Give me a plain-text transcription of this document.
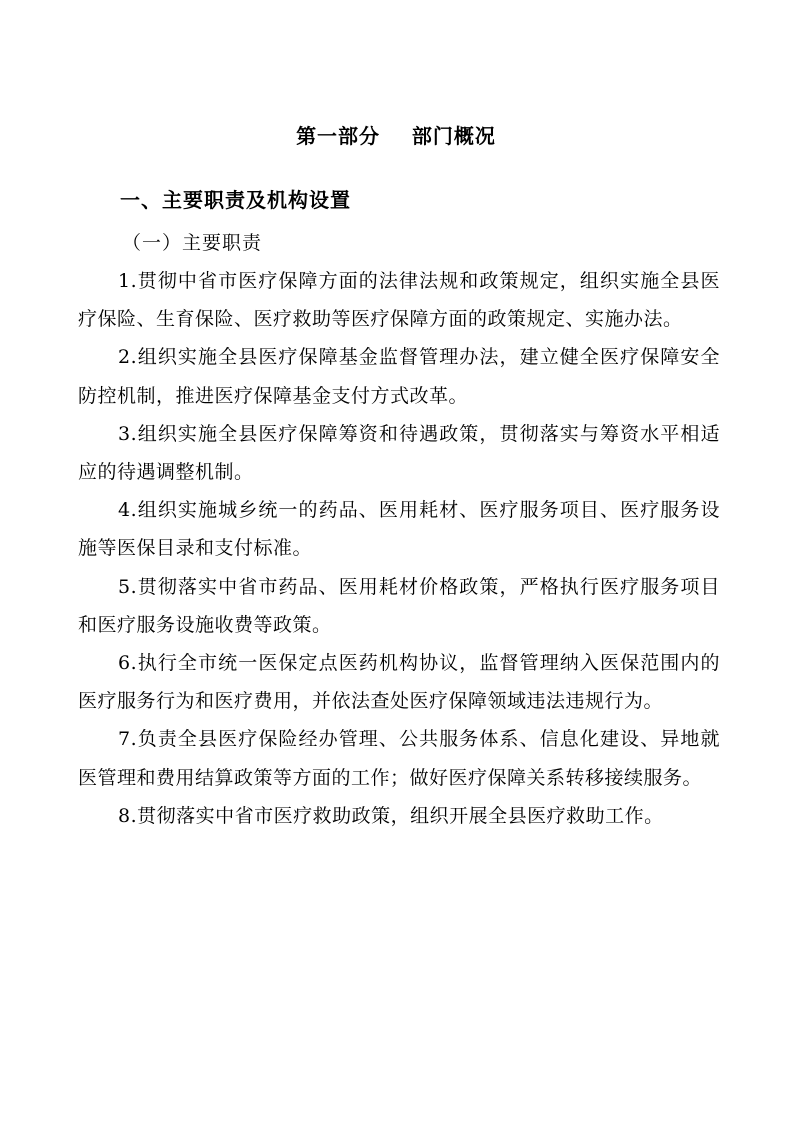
第一部分    部门概况
一、主要职责及机构设置
（一）主要职责

1.贯彻中省市医疗保障方面的法律法规和政策规定，组织实施全县医疗保险、生育保险、医疗救助等医疗保障方面的政策规定、实施办法。

2.组织实施全县医疗保障基金监督管理办法，建立健全医疗保障安全防控机制，推进医疗保障基金支付方式改革。

3.组织实施全县医疗保障筹资和待遇政策，贯彻落实与筹资水平相适应的待遇调整机制。

4.组织实施城乡统一的药品、医用耗材、医疗服务项目、医疗服务设施等医保目录和支付标准。

5.贯彻落实中省市药品、医用耗材价格政策，严格执行医疗服务项目和医疗服务设施收费等政策。

6.执行全市统一医保定点医药机构协议，监督管理纳入医保范围内的医疗服务行为和医疗费用，并依法查处医疗保障领域违法违规行为。

7.负责全县医疗保险经办管理、公共服务体系、信息化建设、异地就医管理和费用结算政策等方面的工作；做好医疗保障关系转移接续服务。

8.贯彻落实中省市医疗救助政策，组织开展全县医疗救助工作。
